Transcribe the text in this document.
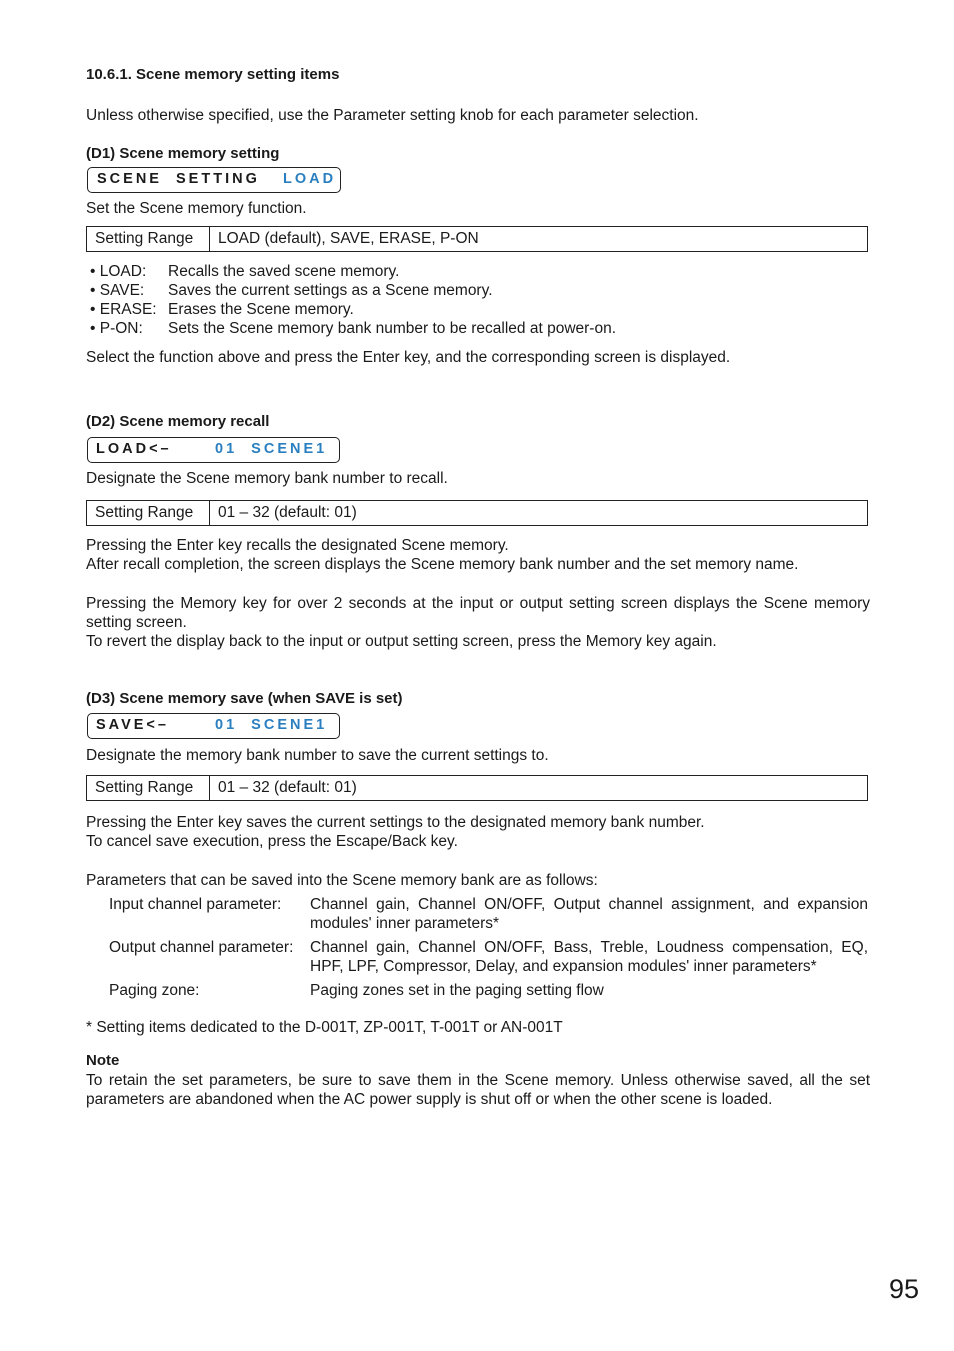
10.6.1. Scene memory setting items
Unless otherwise specified, use the Parameter setting knob for each parameter selection.
(D1) Scene memory setting
SCENE  SETTING LOAD
Set the Scene memory function.
Setting Range	LOAD (default), SAVE, ERASE, P-ON
• LOAD:	Recalls the saved scene memory.
• SAVE:	Saves the current settings as a Scene memory.
• ERASE: Erases the Scene memory.
• P-ON:	Sets the Scene memory bank number to be recalled at power-on.
Select the function above and press the Enter key, and the corresponding screen is displayed.
(D2) Scene memory recall
LOAD<–	01  SCENE1
Designate the Scene memory bank number to recall.
Setting Range	01 – 32 (default: 01)
Pressing the Enter key recalls the designated Scene memory.
After recall completion, the screen displays the Scene memory bank number and the set memory name.
Pressing the Memory key for over 2 seconds at the input or output setting screen displays the Scene memory setting screen.
To revert the display back to the input or output setting screen, press the Memory key again.
(D3) Scene memory save (when SAVE is set)
SAVE<–	01  SCENE1
Designate the memory bank number to save the current settings to.
Setting Range	01 – 32 (default: 01)
Pressing the Enter key saves the current settings to the designated memory bank number.
To cancel save execution, press the Escape/Back key.
Parameters that can be saved into the Scene memory bank are as follows:
Input channel parameter:	Channel gain, Channel ON/OFF, Output channel assignment, and expansion modules' inner parameters*
Output channel parameter:	Channel gain, Channel ON/OFF, Bass, Treble, Loudness compensation, EQ, HPF, LPF, Compressor, Delay, and expansion modules' inner parameters*
Paging zone:	Paging zones set in the paging setting flow
* Setting items dedicated to the D-001T, ZP-001T, T-001T or AN-001T
Note
To retain the set parameters, be sure to save them in the Scene memory. Unless otherwise saved, all the set parameters are abandoned when the AC power supply is shut off or when the other scene is loaded.
95
